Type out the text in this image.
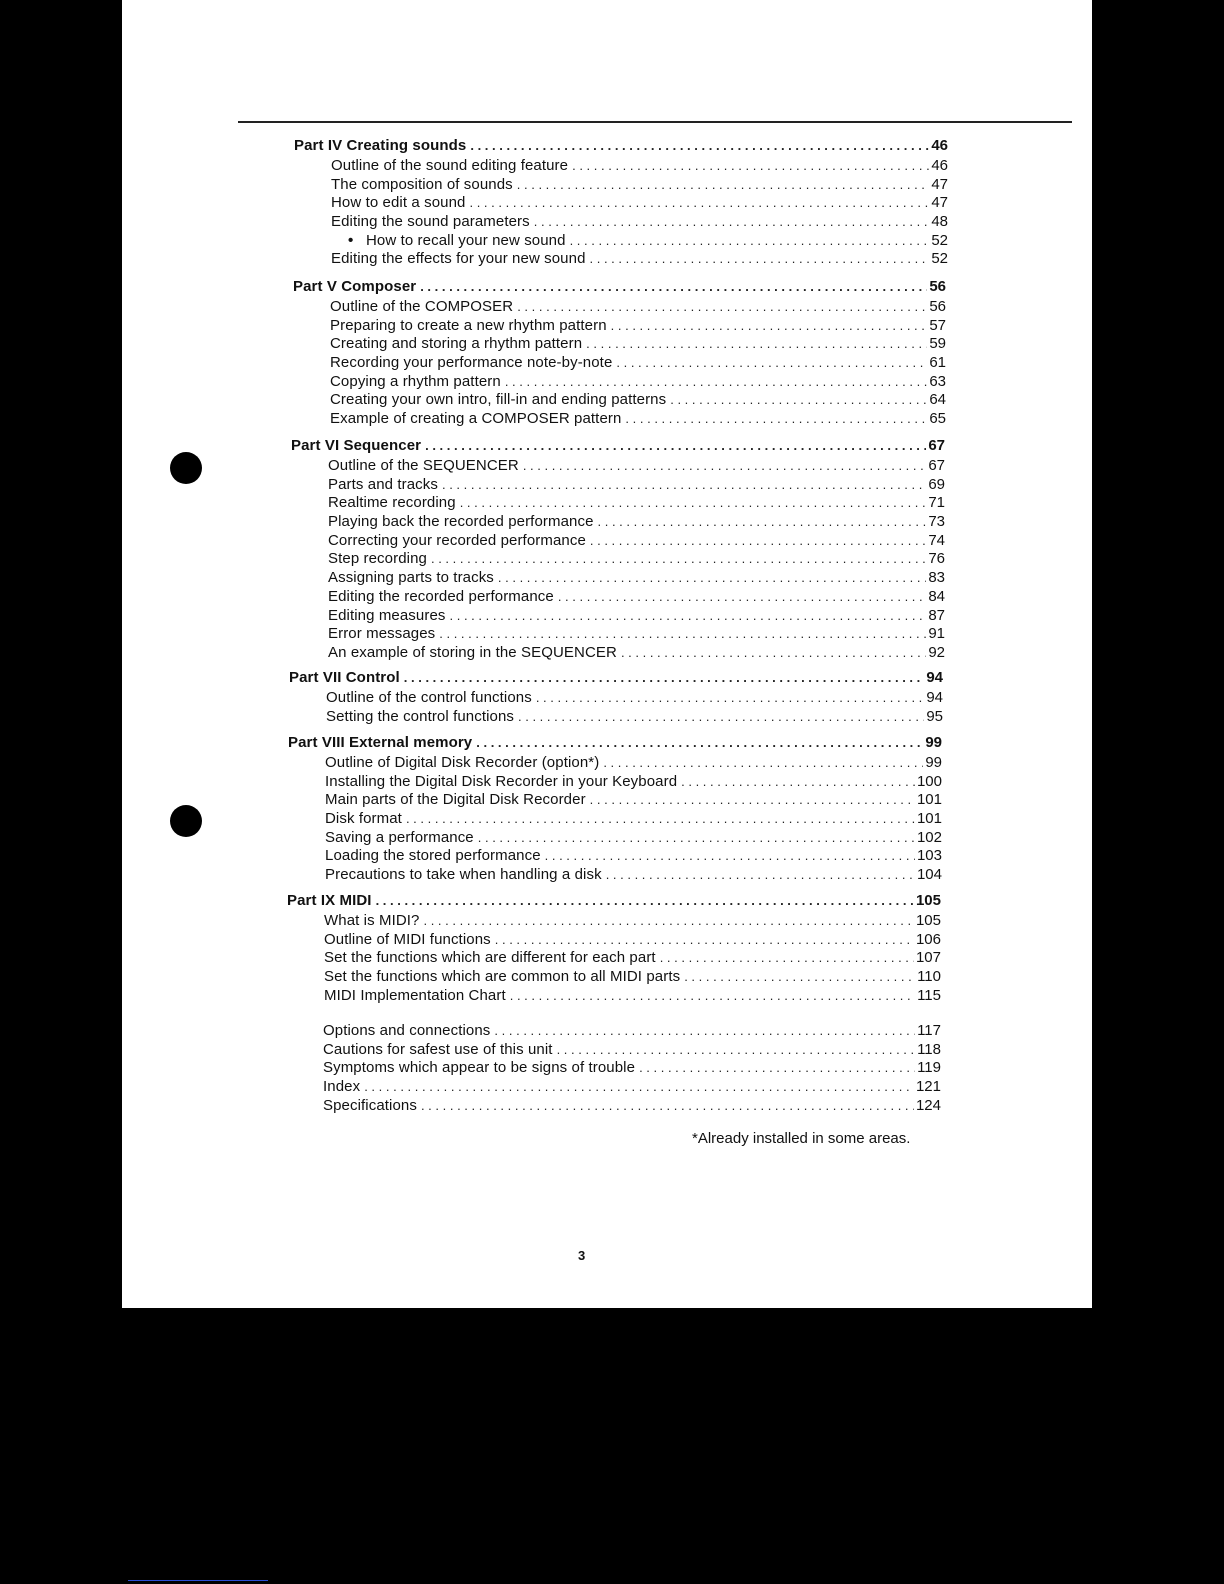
Part IV Creating sounds . . .	46
Outline of the sound editing feature . . .	46
The composition of sounds . . .	47
How to edit a sound . . .	47
Editing the sound parameters . . .	48
• How to recall your new sound . . .	52
Editing the effects for your new sound . . .	52
Part V Composer . . .	56
Outline of the COMPOSER . . .	56
Preparing to create a new rhythm pattern . . .	57
Creating and storing a rhythm pattern . . .	59
Recording your performance note-by-note . . .	61
Copying a rhythm pattern . . .	63
Creating your own intro, fill-in and ending patterns . . .	64
Example of creating a COMPOSER pattern . . .	65
Part VI Sequencer . . .	67
Outline of the SEQUENCER . . .	67
Parts and tracks . . .	69
Realtime recording . . .	71
Playing back the recorded performance . . .	73
Correcting your recorded performance . . .	74
Step recording . . .	76
Assigning parts to tracks . . .	83
Editing the recorded performance . . .	84
Editing measures . . .	87
Error messages . . .	91
An example of storing in the SEQUENCER . . .	92
Part VII Control . . .	94
Outline of the control functions . . .	94
Setting the control functions . . .	95
Part VIII External memory . . .	99
Outline of Digital Disk Recorder (option*) . . .	99
Installing the Digital Disk Recorder in your Keyboard . . .	100
Main parts of the Digital Disk Recorder . . .	101
Disk format . . .	101
Saving a performance . . .	102
Loading the stored performance . . .	103
Precautions to take when handling a disk . . .	104
Part IX MIDI . . .	105
What is MIDI? . . .	105
Outline of MIDI functions . . .	106
Set the functions which are different for each part . . .	107
Set the functions which are common to all MIDI parts . . .	110
MIDI Implementation Chart . . .	115
Options and connections . . .	117
Cautions for safest use of this unit . . .	118
Symptoms which appear to be signs of trouble . . .	119
Index . . .	121
Specifications . . .	124
*Already installed in some areas.
3
